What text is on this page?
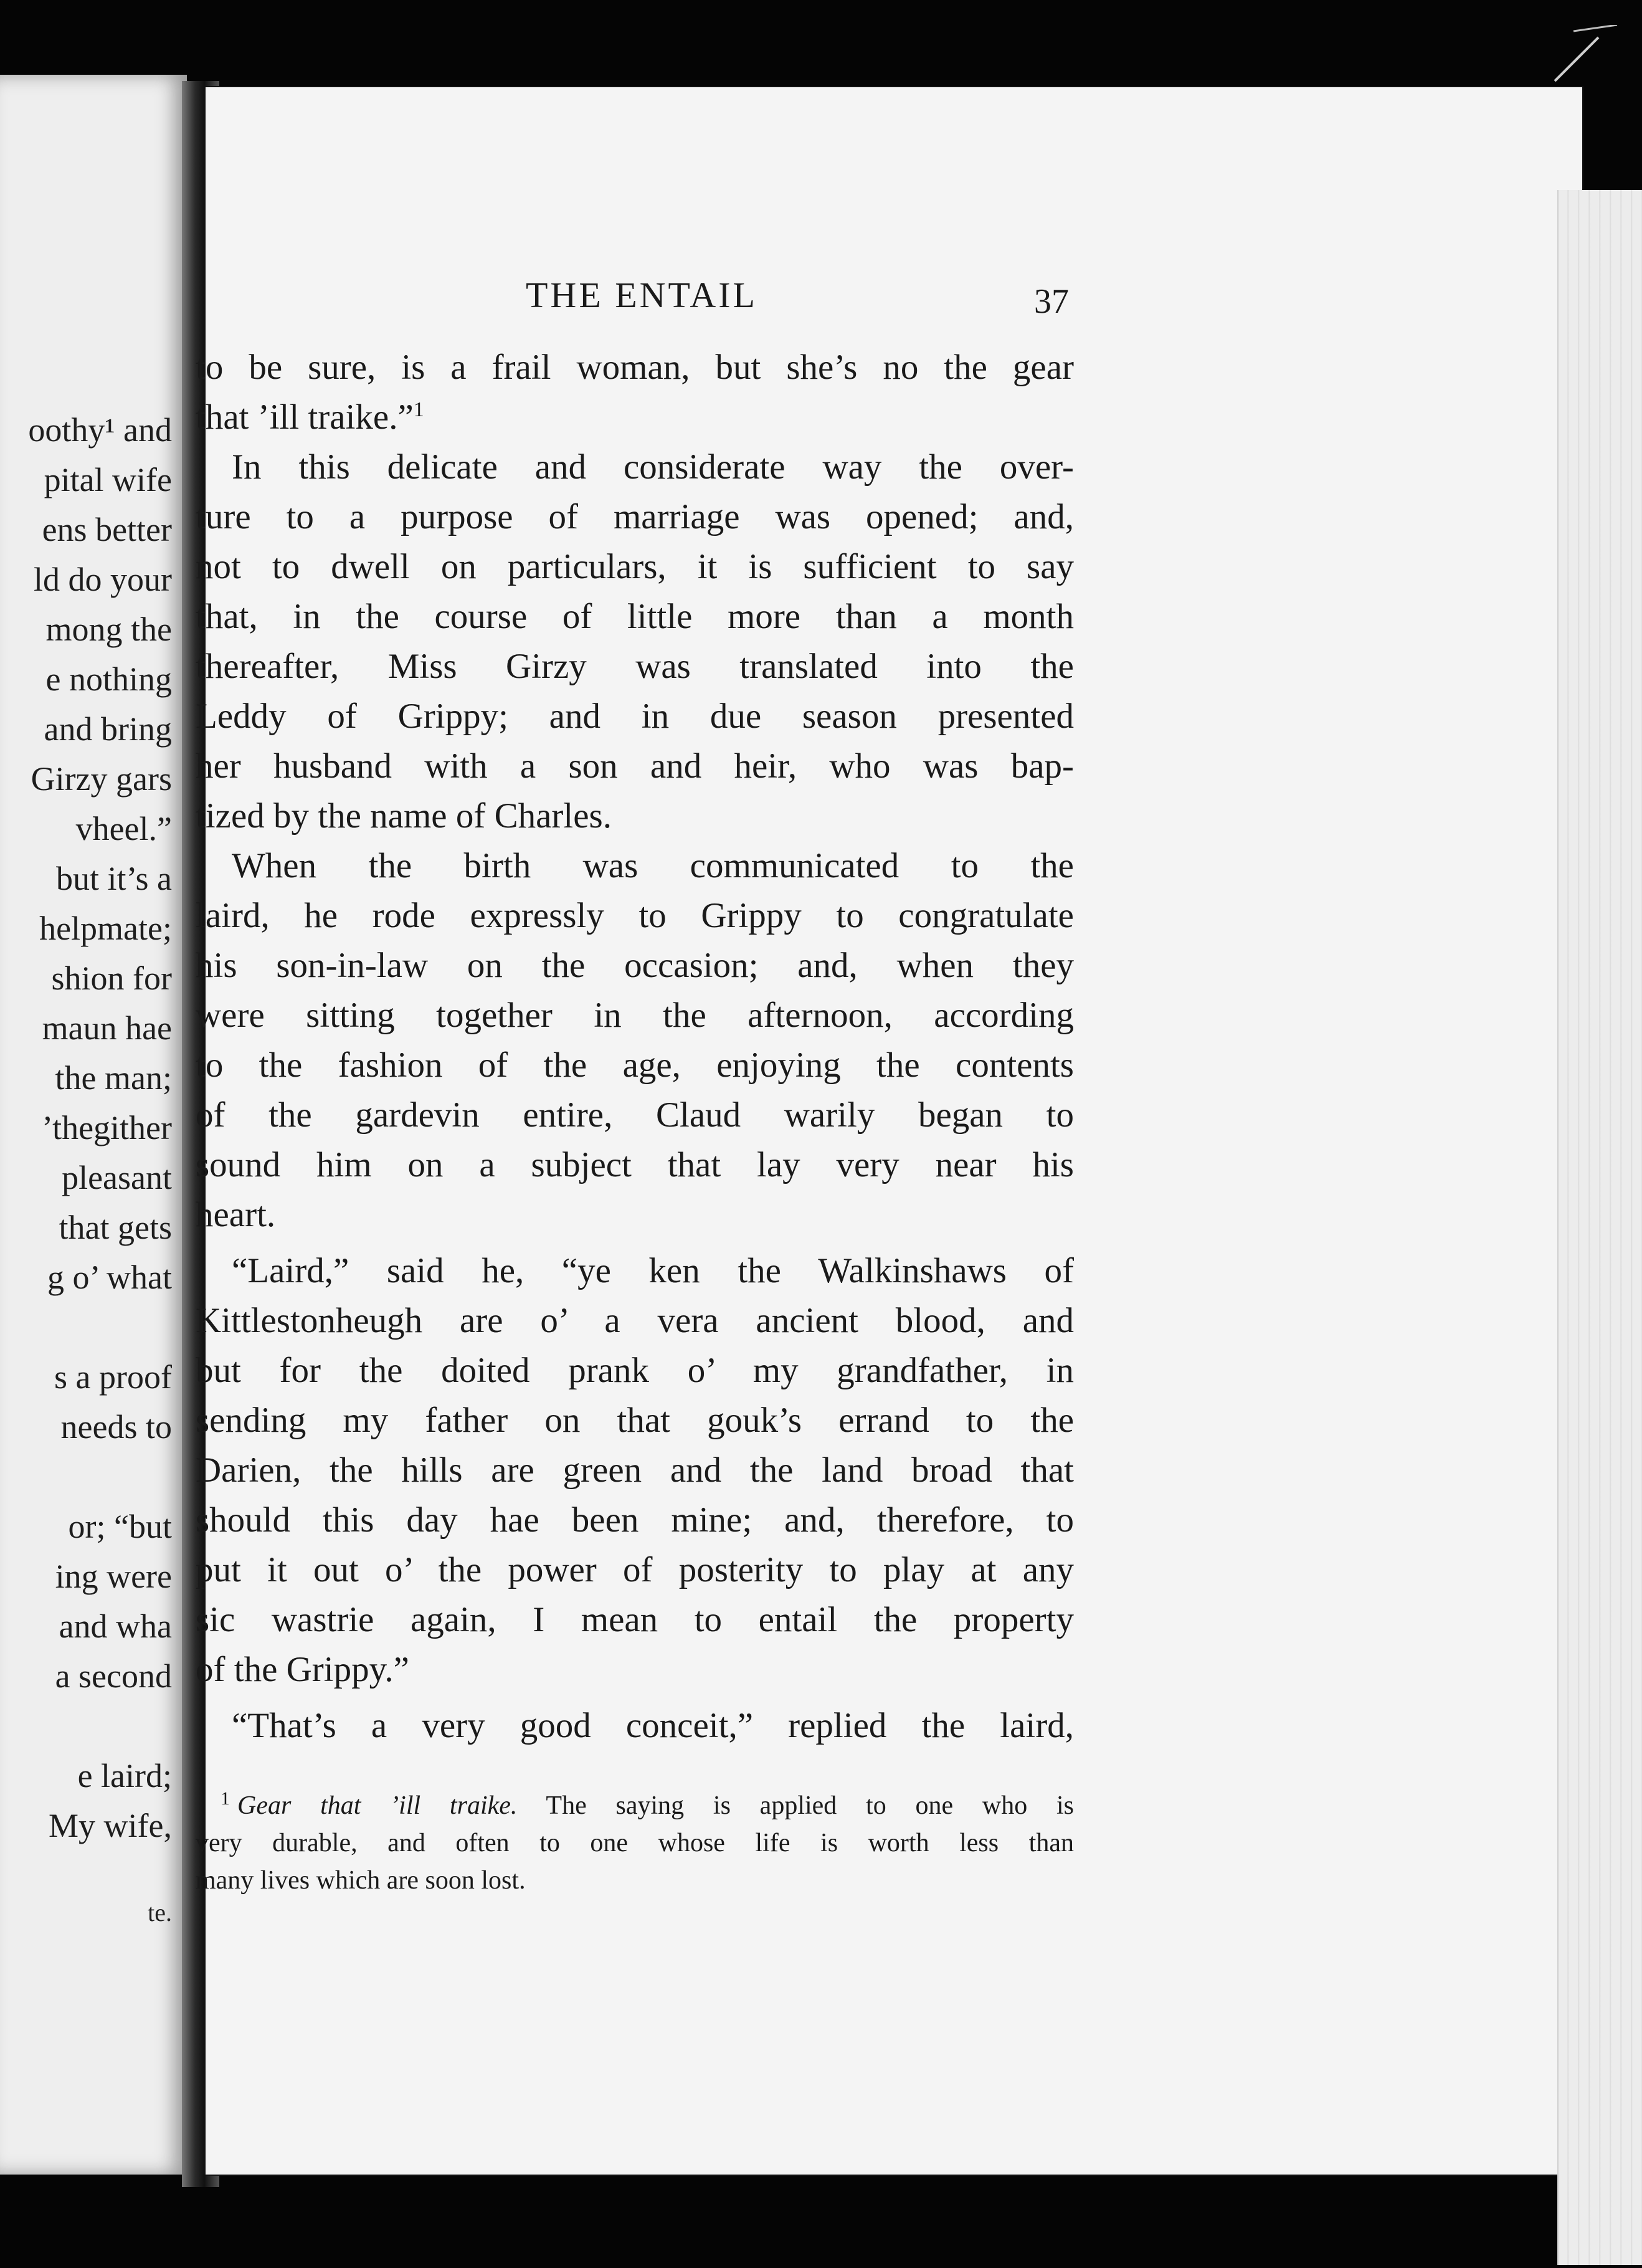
oothy¹ and
pital wife
ens better
ld do your
mong the
e nothing
and bring
Girzy gars
vheel.”
but it’s a
helpmate;
shion for
maun hae
the man;
’thegither
pleasant
that gets
g o’ what
s a proof
needs to
or; “but
ing were
and wha
a second
e laird;
My wife,
te.
THE ENTAIL	37
to be sure, is a frail woman, but she’s no the gear
that ’ill traike.”$^1$
In this delicate and considerate way the over-
ture to a purpose of marriage was opened; and,
not to dwell on particulars, it is sufficient to say
that, in the course of little more than a month
thereafter, Miss Girzy was translated into the
Leddy of Grippy; and in due season presented
her husband with a son and heir, who was bap-
tized by the name of Charles.
When the birth was communicated to the
laird, he rode expressly to Grippy to congratulate
his son-in-law on the occasion; and, when they
were sitting together in the afternoon, according
to the fashion of the age, enjoying the contents
of the gardevin entire, Claud warily began to
sound him on a subject that lay very near his
heart.
“Laird,” said he, “ye ken the Walkinshaws of
Kittlestonheugh are o’ a vera ancient blood, and
but for the doited prank o’ my grandfather, in
sending my father on that gouk’s errand to the
Darien, the hills are green and the land broad that
should this day hae been mine; and, therefore, to
put it out o’ the power of posterity to play at any
sic wastrie again, I mean to entail the property
of the Grippy.”
“That’s a very good conceit,” replied the laird,
$^1$ Gear that ’ill traike. The saying is applied to one who is
very durable, and often to one whose life is worth less than
many lives which are soon lost.
